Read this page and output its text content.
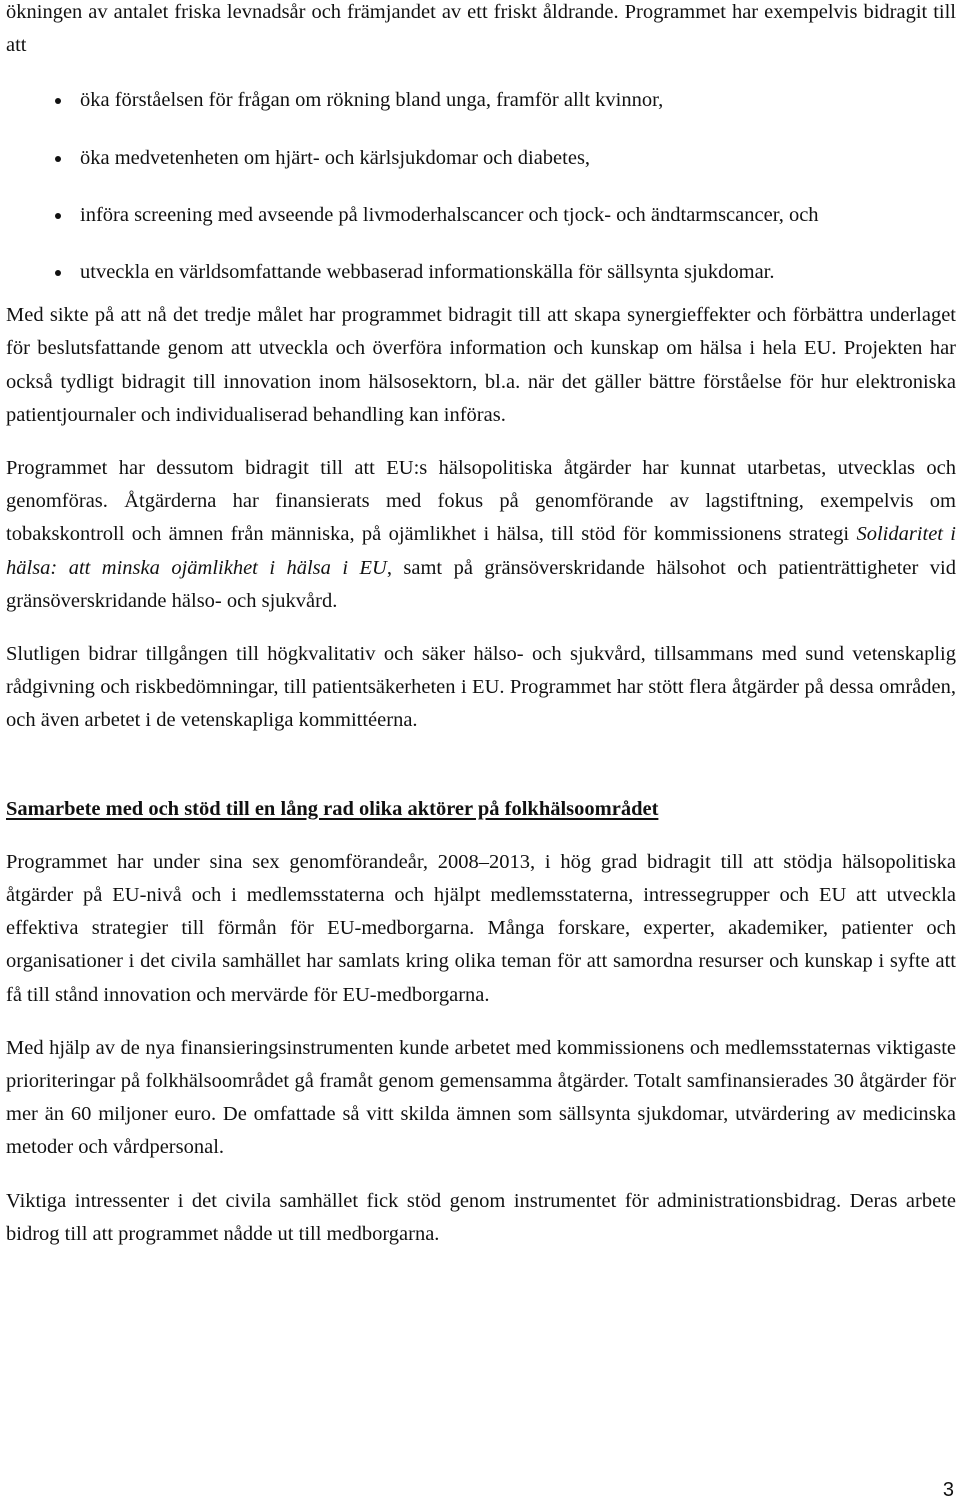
ökningen av antalet friska levnadsår och främjandet av ett friskt åldrande. Programmet har exempelvis bidragit till att

öka förståelsen för frågan om rökning bland unga, framför allt kvinnor,
öka medvetenheten om hjärt- och kärlsjukdomar och diabetes,
införa screening med avseende på livmoderhalscancer och tjock- och ändtarmscancer, och
utveckla en världsomfattande webbaserad informationskälla för sällsynta sjukdomar.

Med sikte på att nå det tredje målet har programmet bidragit till att skapa synergieffekter och förbättra underlaget för beslutsfattande genom att utveckla och överföra information och kunskap om hälsa i hela EU. Projekten har också tydligt bidragit till innovation inom hälsosektorn, bl.a. när det gäller bättre förståelse för hur elektroniska patientjournaler och individualiserad behandling kan införas.

Programmet har dessutom bidragit till att EU:s hälsopolitiska åtgärder har kunnat utarbetas, utvecklas och genomföras. Åtgärderna har finansierats med fokus på genomförande av lagstiftning, exempelvis om tobakskontroll och ämnen från människa, på ojämlikhet i hälsa, till stöd för kommissionens strategi Solidaritet i hälsa: att minska ojämlikhet i hälsa i EU, samt på gränsöverskridande hälsohot och patienträttigheter vid gränsöverskridande hälso- och sjukvård.

Slutligen bidrar tillgången till högkvalitativ och säker hälso- och sjukvård, tillsammans med sund vetenskaplig rådgivning och riskbedömningar, till patientsäkerheten i EU. Programmet har stött flera åtgärder på dessa områden, och även arbetet i de vetenskapliga kommittéerna.

Samarbete med och stöd till en lång rad olika aktörer på folkhälsoområdet

Programmet har under sina sex genomförandeår, 2008–2013, i hög grad bidragit till att stödja hälsopolitiska åtgärder på EU-nivå och i medlemsstaterna och hjälpt medlemsstaterna, intressegrupper och EU att utveckla effektiva strategier till förmån för EU-medborgarna. Många forskare, experter, akademiker, patienter och organisationer i det civila samhället har samlats kring olika teman för att samordna resurser och kunskap i syfte att få till stånd innovation och mervärde för EU-medborgarna.

Med hjälp av de nya finansieringsinstrumenten kunde arbetet med kommissionens och medlemsstaternas viktigaste prioriteringar på folkhälsoområdet gå framåt genom gemensamma åtgärder. Totalt samfinansierades 30 åtgärder för mer än 60 miljoner euro. De omfattade så vitt skilda ämnen som sällsynta sjukdomar, utvärdering av medicinska metoder och vårdpersonal.

Viktiga intressenter i det civila samhället fick stöd genom instrumentet för administrationsbidrag. Deras arbete bidrog till att programmet nådde ut till medborgarna.

3
